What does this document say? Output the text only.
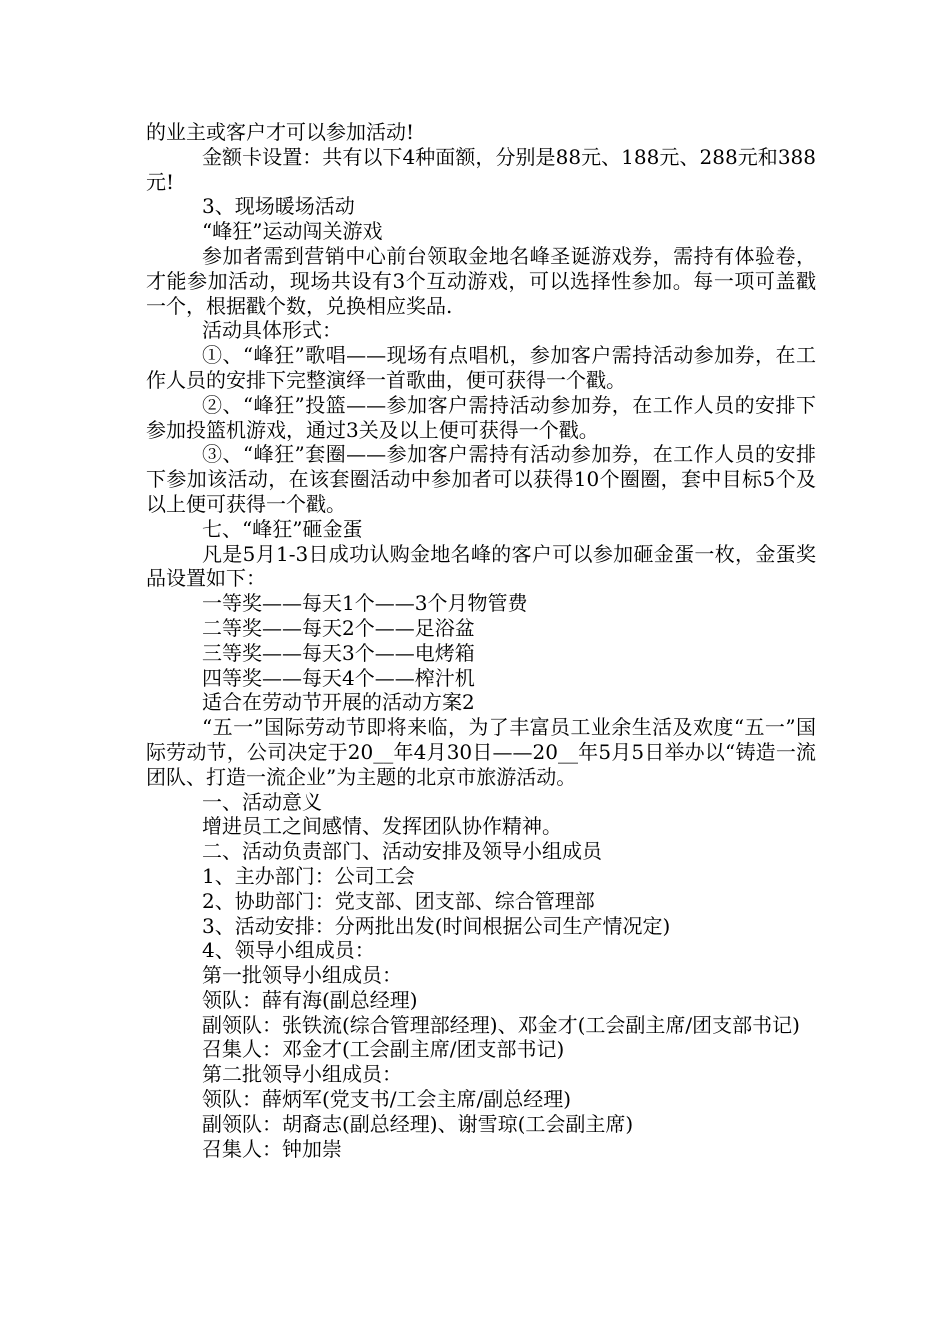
的业主或客户才可以参加活动!

金额卡设置：共有以下4种面额，分别是88元、188元、288元和388元!

3、现场暖场活动

“峰狂”运动闯关游戏

参加者需到营销中心前台领取金地名峰圣诞游戏券，需持有体验卷，才能参加活动，现场共设有3个互动游戏，可以选择性参加。每一项可盖戳一个，根据戳个数，兑换相应奖品.

活动具体形式：

①、“峰狂”歌唱——现场有点唱机，参加客户需持活动参加券，在工作人员的安排下完整演绎一首歌曲，便可获得一个戳。

②、“峰狂”投篮——参加客户需持活动参加券，在工作人员的安排下参加投篮机游戏，通过3关及以上便可获得一个戳。

③、“峰狂”套圈——参加客户需持有活动参加券，在工作人员的安排下参加该活动，在该套圈活动中参加者可以获得10个圈圈，套中目标5个及以上便可获得一个戳。

七、“峰狂”砸金蛋

凡是5月1-3日成功认购金地名峰的客户可以参加砸金蛋一枚，金蛋奖品设置如下：

一等奖——每天1个——3个月物管费

二等奖——每天2个——足浴盆

三等奖——每天3个——电烤箱

四等奖——每天4个——榨汁机

适合在劳动节开展的活动方案2

“五一”国际劳动节即将来临，为了丰富员工业余生活及欢度“五一”国际劳动节，公司决定于20__年4月30日——20__年5月5日举办以“铸造一流团队、打造一流企业”为主题的北京市旅游活动。

一、活动意义

增进员工之间感情、发挥团队协作精神。

二、活动负责部门、活动安排及领导小组成员

1、主办部门：公司工会

2、协助部门：党支部、团支部、综合管理部

3、活动安排：分两批出发(时间根据公司生产情况定)

4、领导小组成员：

第一批领导小组成员：

领队：薛有海(副总经理)

副领队：张铁流(综合管理部经理)、邓金才(工会副主席/团支部书记)

召集人：邓金才(工会副主席/团支部书记)

第二批领导小组成员：

领队：薛炳军(党支书/工会主席/副总经理)

副领队：胡裔志(副总经理)、谢雪琼(工会副主席)

召集人：钟加崇
